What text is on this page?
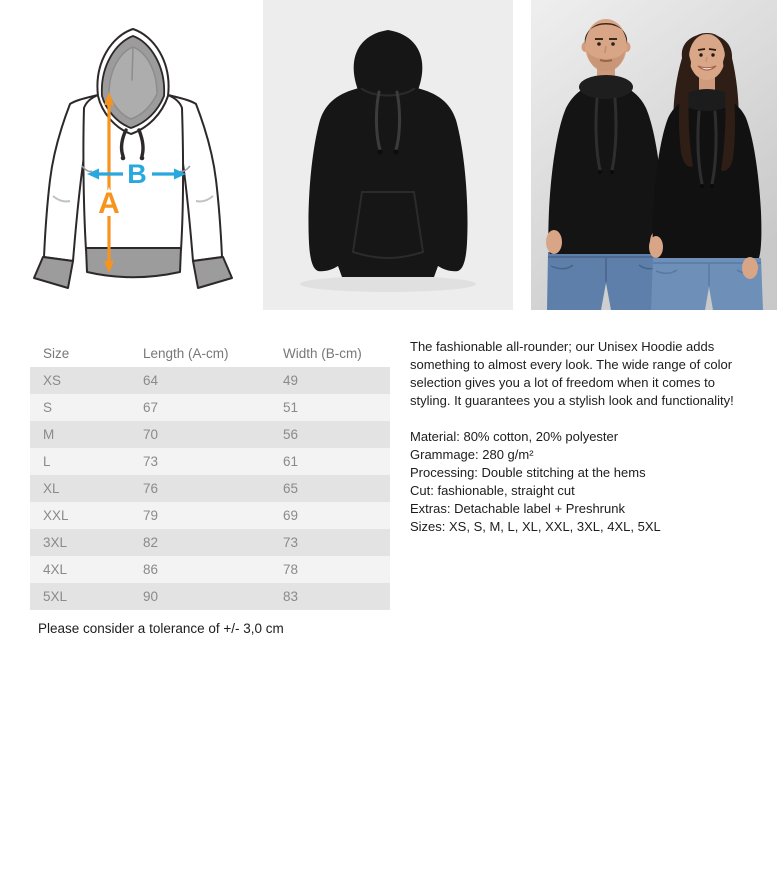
A
B
Size	Length (A-cm)	Width (B-cm)
XS	64	49
S	67	51
M	70	56
L	73	61
XL	76	65
XXL	79	69
3XL	82	73
4XL	86	78
5XL	90	83
The fashionable all-rounder; our Unisex Hoodie adds
something to almost every look. The wide range of color
selection gives you a lot of freedom when it comes to
styling. It guarantees you a stylish look and functionality!
Material: 80% cotton, 20% polyester
Grammage: 280 g/m²
Processing: Double stitching at the hems
Cut: fashionable, straight cut
Extras: Detachable label + Preshrunk
Sizes: XS, S, M, L, XL, XXL, 3XL, 4XL, 5XL
Please consider a tolerance of +/- 3,0 cm
